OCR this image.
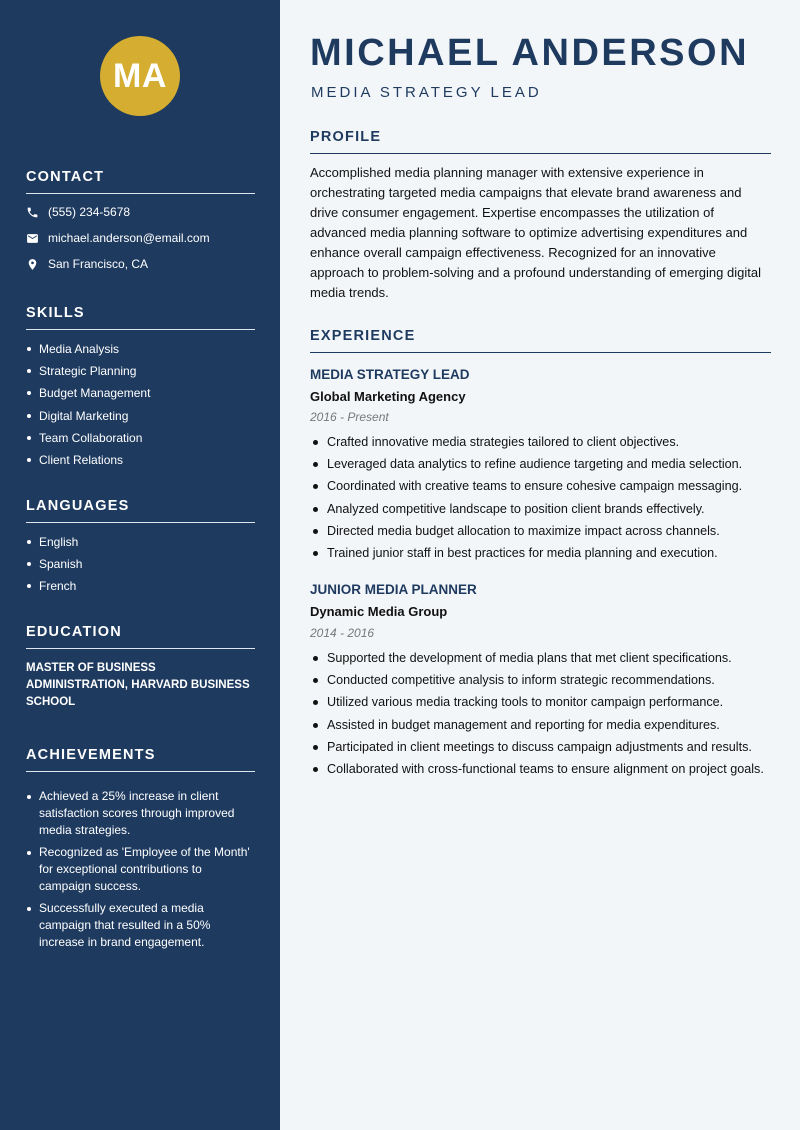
MA
CONTACT
(555) 234-5678
michael.anderson@email.com
San Francisco, CA
SKILLS
Media Analysis
Strategic Planning
Budget Management
Digital Marketing
Team Collaboration
Client Relations
LANGUAGES
English
Spanish
French
EDUCATION
MASTER OF BUSINESS ADMINISTRATION, HARVARD BUSINESS SCHOOL
ACHIEVEMENTS
Achieved a 25% increase in client satisfaction scores through improved media strategies.
Recognized as 'Employee of the Month' for exceptional contributions to campaign success.
Successfully executed a media campaign that resulted in a 50% increase in brand engagement.
MICHAEL ANDERSON
MEDIA STRATEGY LEAD
PROFILE

Accomplished media planning manager with extensive experience in orchestrating targeted media campaigns that elevate brand awareness and drive consumer engagement. Expertise encompasses the utilization of advanced media planning software to optimize advertising expenditures and enhance overall campaign effectiveness. Recognized for an innovative approach to problem-solving and a profound understanding of emerging digital media trends.

EXPERIENCE
MEDIA STRATEGY LEAD
Global Marketing Agency
2016 - Present
Crafted innovative media strategies tailored to client objectives.
Leveraged data analytics to refine audience targeting and media selection.
Coordinated with creative teams to ensure cohesive campaign messaging.
Analyzed competitive landscape to position client brands effectively.
Directed media budget allocation to maximize impact across channels.
Trained junior staff in best practices for media planning and execution.
JUNIOR MEDIA PLANNER
Dynamic Media Group
2014 - 2016
Supported the development of media plans that met client specifications.
Conducted competitive analysis to inform strategic recommendations.
Utilized various media tracking tools to monitor campaign performance.
Assisted in budget management and reporting for media expenditures.
Participated in client meetings to discuss campaign adjustments and results.
Collaborated with cross-functional teams to ensure alignment on project goals.
